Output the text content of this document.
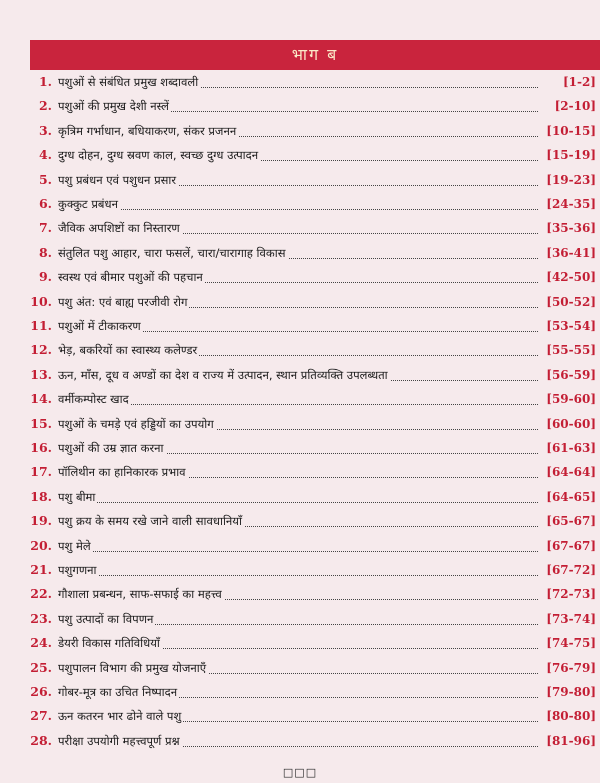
भाग ब
1. पशुओं से संबंधित प्रमुख शब्दावली	[1-2]
2. पशुओं की प्रमुख देशी नस्लें	[2-10]
3. कृत्रिम गर्भाधान, बधियाकरण, संकर प्रजनन	[10-15]
4. दुग्ध दोहन, दुग्ध स्रवण काल, स्वच्छ दुग्ध उत्पादन	[15-19]
5. पशु प्रबंधन एवं पशुधन प्रसार	[19-23]
6. कुक्कुट प्रबंधन	[24-35]
7. जैविक अपशिष्टों का निस्तारण	[35-36]
8. संतुलित पशु आहार, चारा फसलें, चारा/चारागाह विकास	[36-41]
9. स्वस्थ एवं बीमार पशुओं की पहचान	[42-50]
10. पशु अंत: एवं बाह्य परजीवी रोग	[50-52]
11. पशुओं में टीकाकरण	[53-54]
12. भेड़, बकरियों का स्वास्थ्य कलेण्डर	[55-55]
13. ऊन, माँस, दूध व अण्डों का देश व राज्य में उत्पादन, स्थान प्रतिव्यक्ति उपलब्धता	[56-59]
14. वर्मीकम्पोस्ट खाद	[59-60]
15. पशुओं के चमड़े एवं हड्डियों का उपयोग	[60-60]
16. पशुओं की उम्र ज्ञात करना	[61-63]
17. पॉलिथीन का हानिकारक प्रभाव	[64-64]
18. पशु बीमा	[64-65]
19. पशु क्रय के समय रखे जाने वाली सावधानियाँ	[65-67]
20. पशु मेले	[67-67]
21. पशुगणना	[67-72]
22. गौशाला प्रबन्धन, साफ-सफाई का महत्त्व	[72-73]
23. पशु उत्पादों का विपणन	[73-74]
24. डेयरी विकास गतिविधियाँ	[74-75]
25. पशुपालन विभाग की प्रमुख योजनाएँ	[76-79]
26. गोबर-मूत्र का उचित निष्पादन	[79-80]
27. ऊन कतरन भार ढोने वाले पशु	[80-80]
28. परीक्षा उपयोगी महत्त्वपूर्ण प्रश्न	[81-96]
□□□
